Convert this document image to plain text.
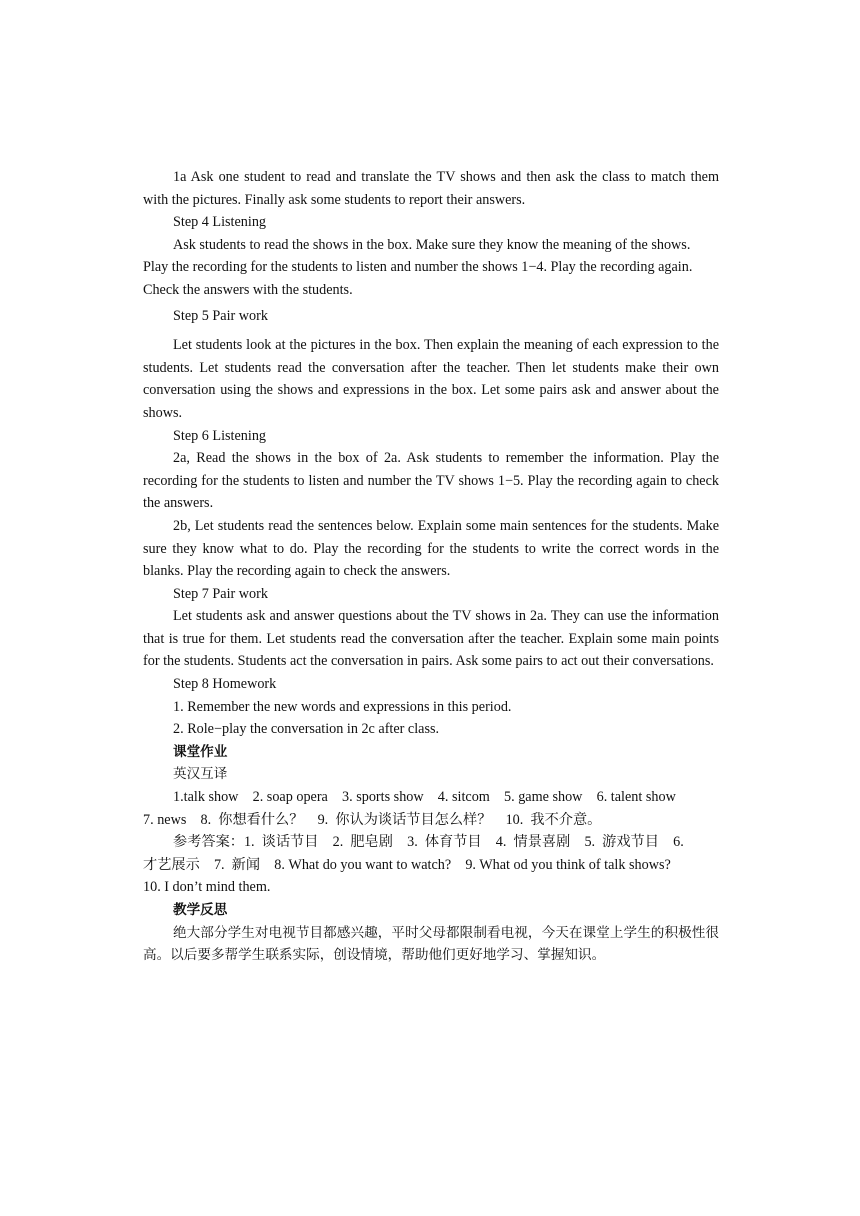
1a Ask one student to read and translate the TV shows and then ask the class to match them with the pictures. Finally ask some students to report their answers.

Step 4 Listening

Ask students to read the shows in the box. Make sure they know the meaning of the shows. Play the recording for the students to listen and number the shows 1−4. Play the recording again. Check the answers with the students.

Step 5 Pair work

Let students look at the pictures in the box. Then explain the meaning of each expression to the students. Let students read the conversation after the teacher. Then let students make their own conversation using the shows and expressions in the box. Let some pairs ask and answer about the shows.

Step 6 Listening

2a, Read the shows in the box of 2a. Ask students to remember the information. Play the recording for the students to listen and number the TV shows 1−5. Play the recording again to check the answers.

2b, Let students read the sentences below. Explain some main sentences for the students. Make sure they know what to do. Play the recording for the students to write the correct words in the blanks. Play the recording again to check the answers.

Step 7 Pair work

Let students ask and answer questions about the TV shows in 2a. They can use the information that is true for them. Let students read the conversation after the teacher. Explain some main points for the students. Students act the conversation in pairs. Ask some pairs to act out their conversations.

Step 8 Homework

1. Remember the new words and expressions in this period.

2. Role−play the conversation in 2c after class.

课堂作业

英汉互译

1.talk show    2. soap opera    3. sports show    4. sitcom    5. game show    6. talent show

7. news    8.  你想看什么？    9.  你认为谈话节目怎么样？    10.  我不介意。

参考答案：1.  谈话节目    2.  肥皂剧    3.  体育节目    4.  情景喜剧    5.  游戏节目    6.

才艺展示    7.  新闻    8. What do you want to watch?    9. What od you think of talk shows?

10. I don’t mind them.

教学反思

绝大部分学生对电视节目都感兴趣，平时父母都限制看电视，今天在课堂上学生的积极性很高。以后要多帮学生联系实际，创设情境，帮助他们更好地学习、掌握知识。
